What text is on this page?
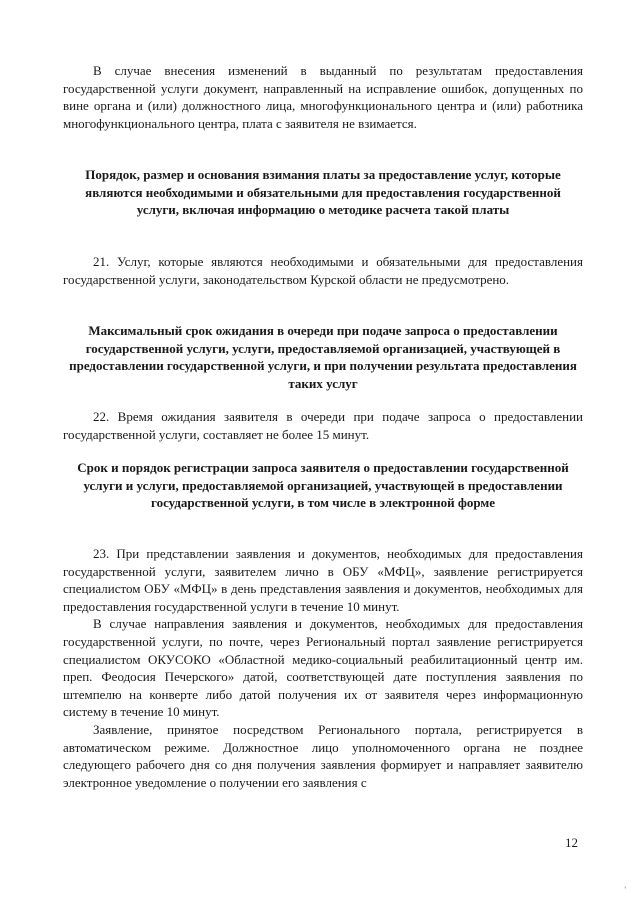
В случае внесения изменений в выданный по результатам предоставления государственной услуги документ, направленный на исправление ошибок, допущенных по вине органа и (или) должностного лица, многофункционального центра и (или) работника многофункционального центра, плата с заявителя не взимается.

Порядок, размер и основания взимания платы за предоставление услуг, которые являются необходимыми и обязательными для предоставления государственной услуги, включая информацию о методике расчета такой платы

21. Услуг, которые являются необходимыми и обязательными для предоставления государственной услуги, законодательством Курской области не предусмотрено.

Максимальный срок ожидания в очереди при подаче запроса о предоставлении государственной услуги, услуги, предоставляемой организацией, участвующей в предоставлении государственной услуги, и при получении результата предоставления таких услуг

22. Время ожидания заявителя в очереди при подаче запроса о предоставлении государственной услуги, составляет не более 15 минут.

Срок и порядок регистрации запроса заявителя о предоставлении государственной услуги и услуги, предоставляемой организацией, участвующей в предоставлении государственной услуги, в том числе в электронной форме

23. При представлении заявления и документов, необходимых для предоставления государственной услуги, заявителем лично в ОБУ «МФЦ», заявление регистрируется специалистом ОБУ «МФЦ» в день представления заявления и документов, необходимых для предоставления государственной услуги в течение 10 минут.

В случае направления заявления и документов, необходимых для предоставления государственной услуги, по почте, через Региональный портал заявление регистрируется специалистом ОКУСОКО «Областной медико-социальный реабилитационный центр им. преп. Феодосия Печерского» датой, соответствующей дате поступления заявления по штемпелю на конверте либо датой получения их от заявителя через информационную систему в течение 10 минут.

Заявление, принятое посредством Регионального портала, регистрируется в автоматическом режиме. Должностное лицо уполномоченного органа не позднее следующего рабочего дня со дня получения заявления формирует и направляет заявителю электронное уведомление о получении его заявления с

12
'
